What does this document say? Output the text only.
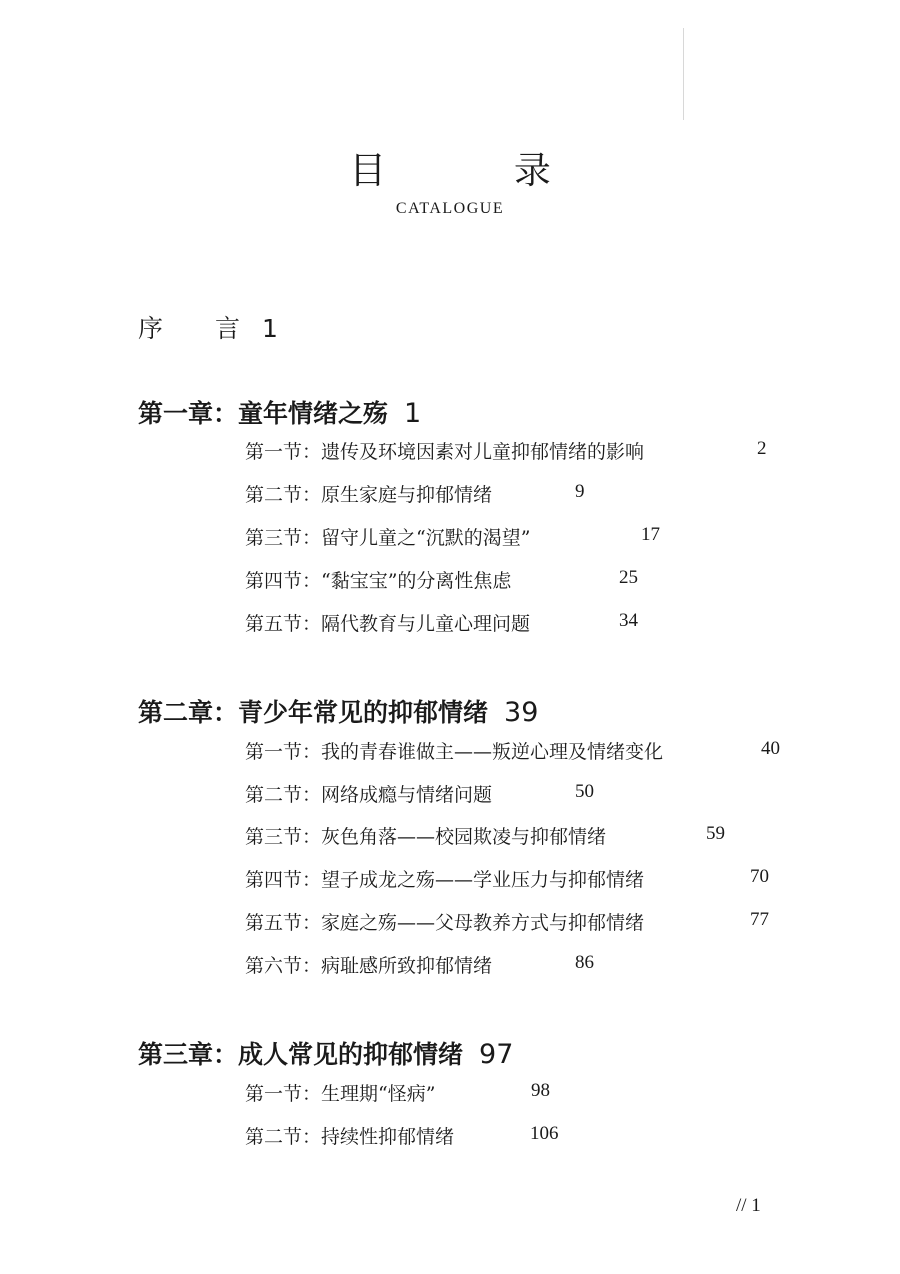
目 录
CATALOGUE
序 言1
第一章：童年情绪之殇 1
第一节：遗传及环境因素对儿童抑郁情绪的影响	2
第二节：原生家庭与抑郁情绪	9
第三节：留守儿童之“沉默的渴望”	17
第四节：“黏宝宝”的分离性焦虑	25
第五节：隔代教育与儿童心理问题	34
第二章：青少年常见的抑郁情绪 39
第一节：我的青春谁做主——叛逆心理及情绪变化	40
第二节：网络成瘾与情绪问题	50
第三节：灰色角落——校园欺凌与抑郁情绪	59
第四节：望子成龙之殇——学业压力与抑郁情绪	70
第五节：家庭之殇——父母教养方式与抑郁情绪	77
第六节：病耻感所致抑郁情绪	86
第三章：成人常见的抑郁情绪 97
第一节：生理期“怪病”	98
第二节：持续性抑郁情绪	106
// 1
